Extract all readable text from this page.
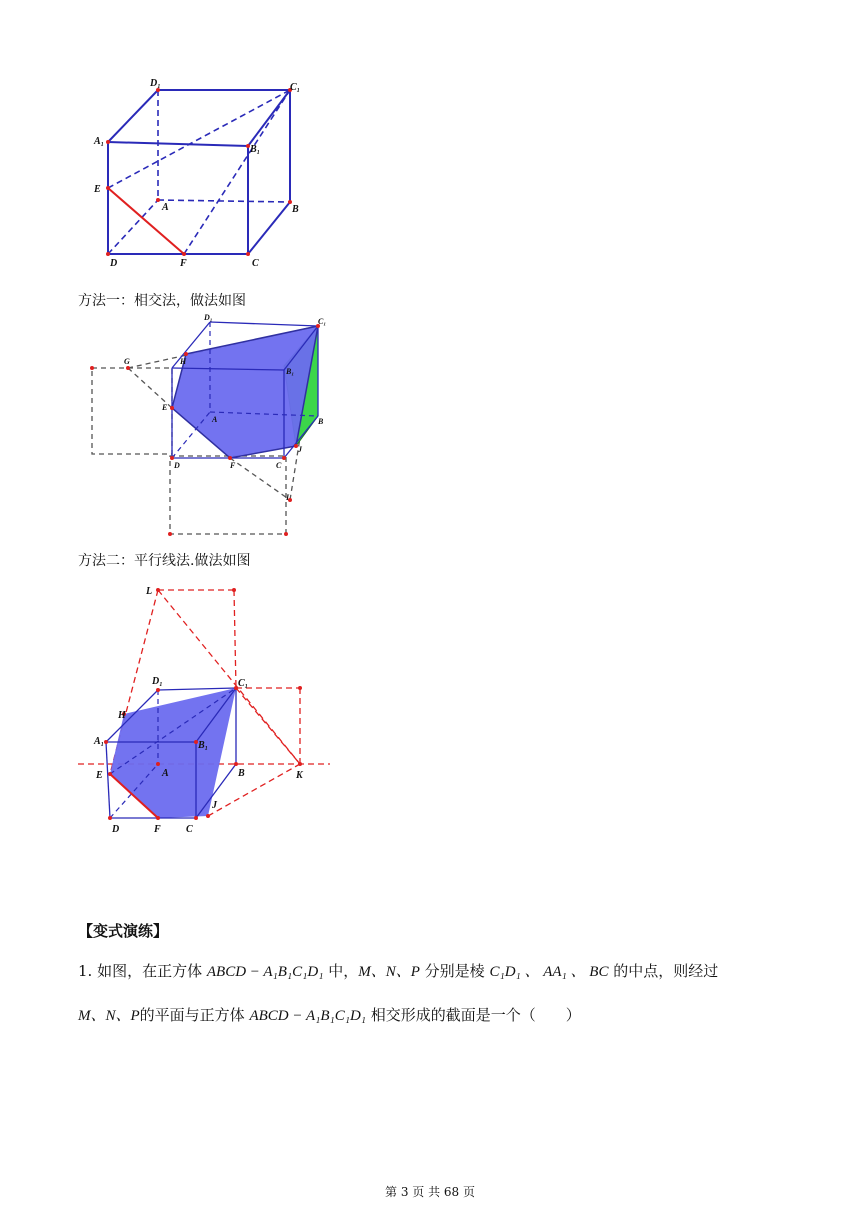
D₁	C₁
A₁
B₁
E
A	B
D	F	C
方法一：相交法，做法如图
D₁	C₁
G	H
B₁
E
A	B
D	F	C
J
I
方法二：平行线法.做法如图
L
D₁	C₁
H
A₁	B₁
E	A	B	K
J
D	F	C
【变式演练】
1. 如图，在正方体 ABCD − A₁B₁C₁D₁ 中，M、N、P 分别是棱 C₁D₁ 、 AA₁ 、 BC 的中点，则经过
M、N、P的平面与正方体 ABCD − A₁B₁C₁D₁ 相交形成的截面是一个（　　）
第 3 页 共 68 页
